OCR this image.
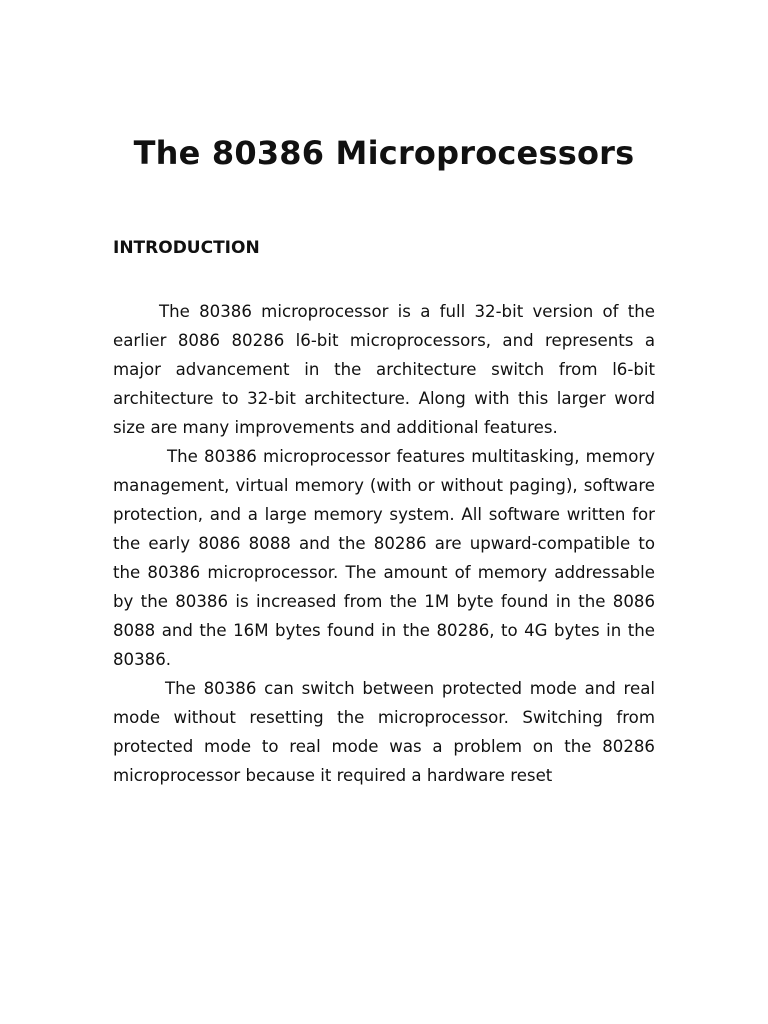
The 80386 Microprocessors
INTRODUCTION

The 80386 microprocessor is a full 32-bit version of the earlier 8086 80286 l6-bit microprocessors, and represents a major advancement in the architecture switch from l6-bit architecture to 32-bit architecture. Along with this larger word size are many improvements and additional features.

The 80386 microprocessor features multitasking, memory management, virtual memory (with or without paging), software protection, and a large memory system. All software written for the early 8086 8088 and the 80286 are upward-compatible to the 80386 microprocessor. The amount of memory addressable by the 80386 is increased from the 1M byte found in the 8086 8088 and the 16M bytes found in the 80286, to 4G bytes in the 80386.

The 80386 can switch between protected mode and real mode without resetting the microprocessor. Switching from protected mode to real mode was a problem on the 80286 microprocessor because it required a hardware reset
